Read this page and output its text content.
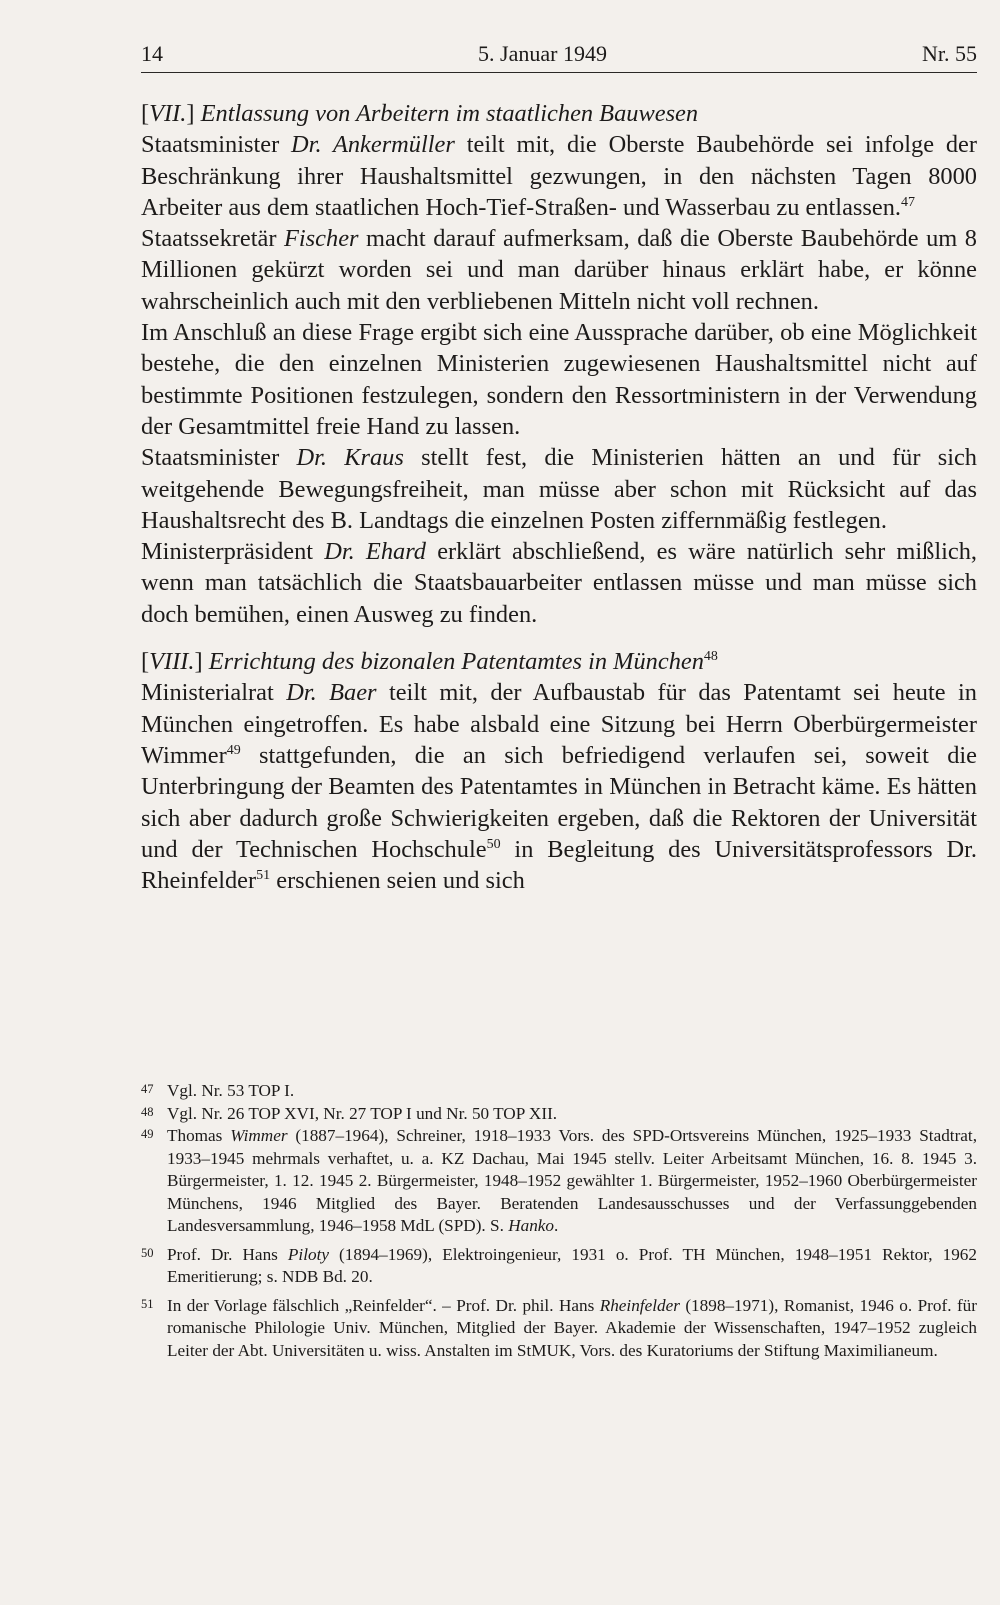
14	5. Januar 1949	Nr. 55
[VII.] Entlassung von Arbeitern im staatlichen Bauwesen

Staatsminister Dr. Ankermüller teilt mit, die Oberste Baubehörde sei infolge der Beschränkung ihrer Haushaltsmittel gezwungen, in den nächsten Tagen 8000 Arbeiter aus dem staatlichen Hoch-Tief-Straßen- und Wasserbau zu entlassen.$^{47}$

Staatssekretär Fischer macht darauf aufmerksam, daß die Oberste Baubehörde um 8 Millionen gekürzt worden sei und man darüber hinaus erklärt habe, er könne wahrscheinlich auch mit den verbliebenen Mitteln nicht voll rechnen.

Im Anschluß an diese Frage ergibt sich eine Aussprache darüber, ob eine Möglichkeit bestehe, die den einzelnen Ministerien zugewiesenen Haushaltsmittel nicht auf bestimmte Positionen festzulegen, sondern den Ressortministern in der Verwendung der Gesamtmittel freie Hand zu lassen.

Staatsminister Dr. Kraus stellt fest, die Ministerien hätten an und für sich weitgehende Bewegungsfreiheit, man müsse aber schon mit Rücksicht auf das Haushaltsrecht des B. Landtags die einzelnen Posten ziffernmäßig festlegen.

Ministerpräsident Dr. Ehard erklärt abschließend, es wäre natürlich sehr mißlich, wenn man tatsächlich die Staatsbauarbeiter entlassen müsse und man müsse sich doch bemühen, einen Ausweg zu finden.

[VIII.] Errichtung des bizonalen Patentamtes in München$^{48}$

Ministerialrat Dr. Baer teilt mit, der Aufbaustab für das Patentamt sei heute in München eingetroffen. Es habe alsbald eine Sitzung bei Herrn Oberbürgermeister Wimmer$^{49}$ stattgefunden, die an sich befriedigend verlaufen sei, soweit die Unterbringung der Beamten des Patentamtes in München in Betracht käme. Es hätten sich aber dadurch große Schwierigkeiten ergeben, daß die Rektoren der Universität und der Technischen Hochschule$^{50}$ in Begleitung des Universitätsprofessors Dr. Rheinfelder$^{51}$ erschienen seien und sich

47 Vgl. Nr. 53 TOP I.
48 Vgl. Nr. 26 TOP XVI, Nr. 27 TOP I und Nr. 50 TOP XII.
49 Thomas Wimmer (1887–1964), Schreiner, 1918–1933 Vors. des SPD-Ortsvereins München, 1925–1933 Stadtrat, 1933–1945 mehrmals verhaftet, u. a. KZ Dachau, Mai 1945 stellv. Leiter Arbeitsamt München, 16. 8. 1945 3. Bürgermeister, 1. 12. 1945 2. Bürgermeister, 1948–1952 gewählter 1. Bürgermeister, 1952–1960 Oberbürgermeister Münchens, 1946 Mitglied des Bayer. Beratenden Landesausschusses und der Verfassunggebenden Landesversammlung, 1946–1958 MdL (SPD). S. Hanko.
50 Prof. Dr. Hans Piloty (1894–1969), Elektroingenieur, 1931 o. Prof. TH München, 1948–1951 Rektor, 1962 Emeritierung; s. NDB Bd. 20.
51 In der Vorlage fälschlich „Reinfelder“. – Prof. Dr. phil. Hans Rheinfelder (1898–1971), Romanist, 1946 o. Prof. für romanische Philologie Univ. München, Mitglied der Bayer. Akademie der Wissenschaften, 1947–1952 zugleich Leiter der Abt. Universitäten u. wiss. Anstalten im StMUK, Vors. des Kuratoriums der Stiftung Maximilianeum.
